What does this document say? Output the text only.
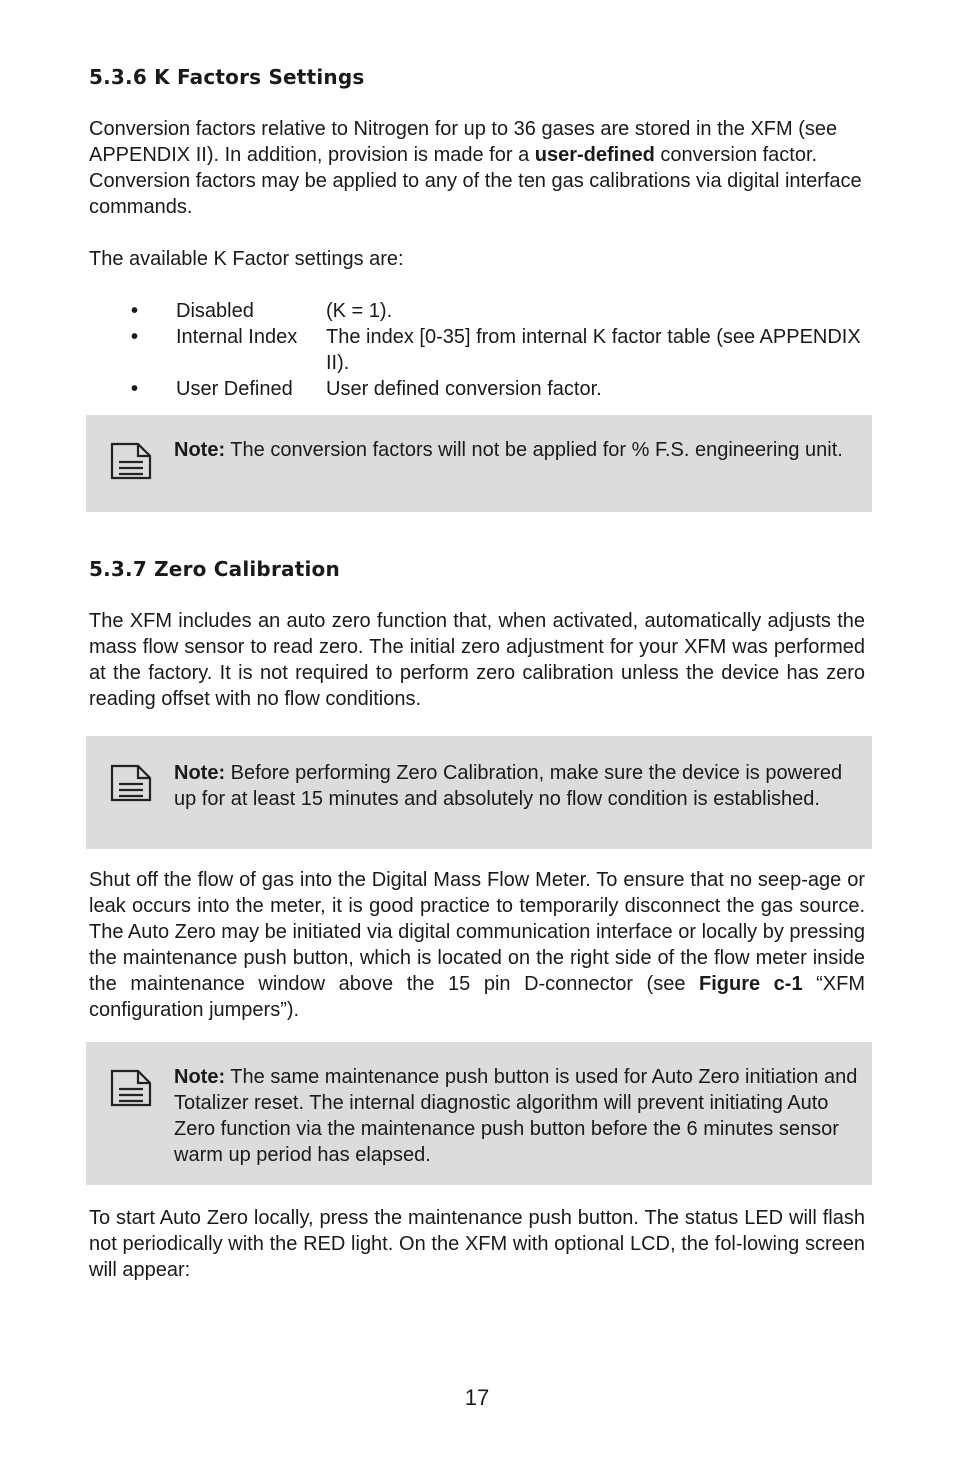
5.3.6 K Factors Settings

Conversion factors relative to Nitrogen for up to 36 gases are stored in the XFM (see APPENDIX II). In addition, provision is made for a user-defined conversion factor. Conversion factors may be applied to any of the ten gas calibrations via digital interface commands.

The available K Factor settings are:

•	Disabled	(K = 1).
•	Internal Index	The index [0-35] from internal K factor table (see APPENDIX II).
•	User Defined	User defined conversion factor.

Note: The conversion factors will not be applied for % F.S. engineering unit.

5.3.7 Zero Calibration

The XFM includes an auto zero function that, when activated, automatically adjusts the mass flow sensor to read zero. The initial zero adjustment for your XFM was performed at the factory. It is not required to perform zero calibration unless the device has zero reading offset with no flow conditions.

Note: Before performing Zero Calibration, make sure the device is powered up for at least 15 minutes and absolutely no flow condition is established.

Shut off the flow of gas into the Digital Mass Flow Meter. To ensure that no seep-age or leak occurs into the meter, it is good practice to temporarily disconnect the gas source. The Auto Zero may be initiated via digital communication interface or locally by pressing the maintenance push button, which is located on the right side of the flow meter inside the maintenance window above the 15 pin D-connector (see Figure c-1 “XFM configuration jumpers”).

Note: The same maintenance push button is used for Auto Zero initiation and Totalizer reset. The internal diagnostic algorithm will prevent initiating Auto Zero function via the maintenance push button before the 6 minutes sensor warm up period has elapsed.

To start Auto Zero locally, press the maintenance push button. The status LED will flash not periodically with the RED light. On the XFM with optional LCD, the fol-lowing screen will appear:

17
